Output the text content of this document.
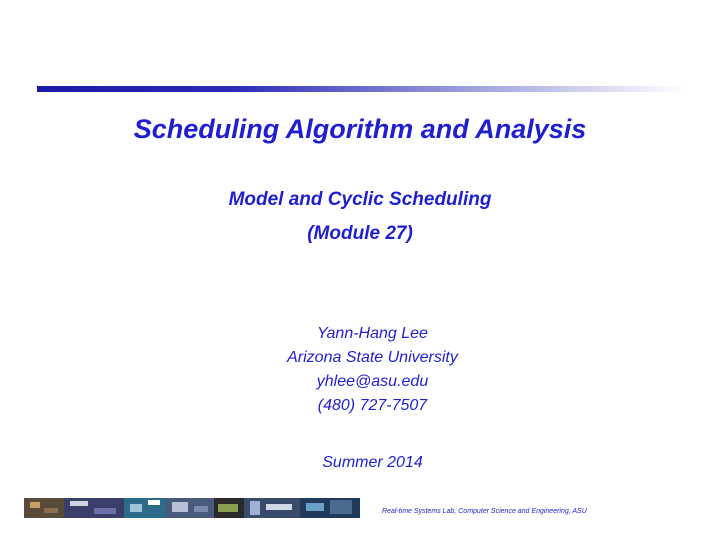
Scheduling Algorithm and Analysis
Model and Cyclic Scheduling
(Module 27)
Yann-Hang Lee
Arizona State University
yhlee@asu.edu
(480) 727-7507
Summer 2014
Real-time Systems Lab, Computer Science and Engineering, ASU
